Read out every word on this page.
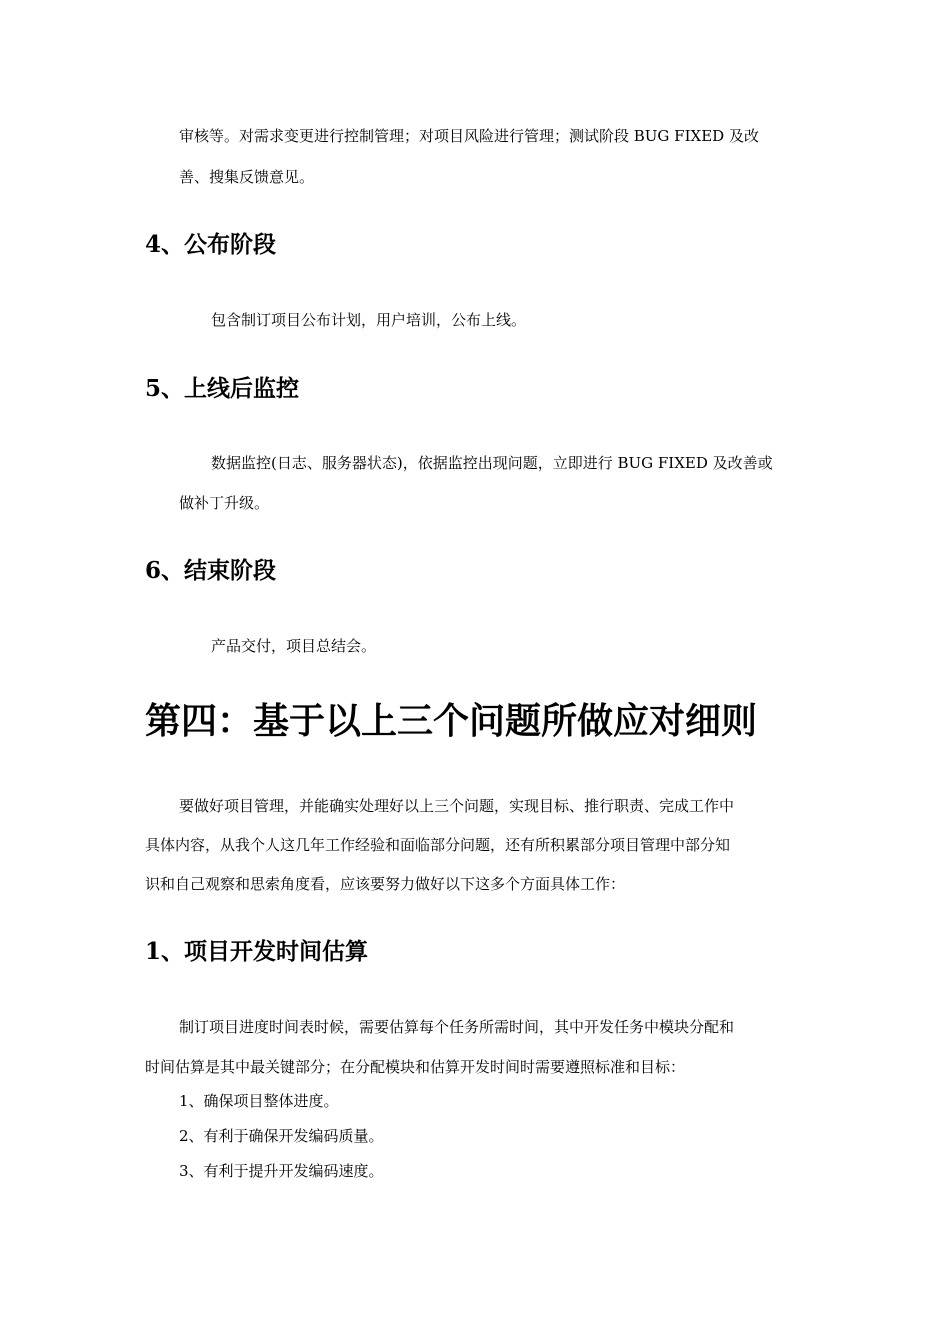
审核等。对需求变更进行控制管理；对项目风险进行管理；测试阶段 BUG FIXED 及改

善、搜集反馈意见。

4、公布阶段

包含制订项目公布计划，用户培训，公布上线。

5、上线后监控

数据监控(日志、服务器状态)，依据监控出现问题，立即进行 BUG FIXED 及改善或

做补丁升级。

6、结束阶段

产品交付，项目总结会。

第四：基于以上三个问题所做应对细则

要做好项目管理，并能确实处理好以上三个问题，实现目标、推行职责、完成工作中

具体内容，从我个人这几年工作经验和面临部分问题，还有所积累部分项目管理中部分知

识和自己观察和思索角度看，应该要努力做好以下这多个方面具体工作：

1、项目开发时间估算

制订项目进度时间表时候，需要估算每个任务所需时间，其中开发任务中模块分配和

时间估算是其中最关键部分；在分配模块和估算开发时间时需要遵照标准和目标：

1、确保项目整体进度。

2、有利于确保开发编码质量。

3、有利于提升开发编码速度。
